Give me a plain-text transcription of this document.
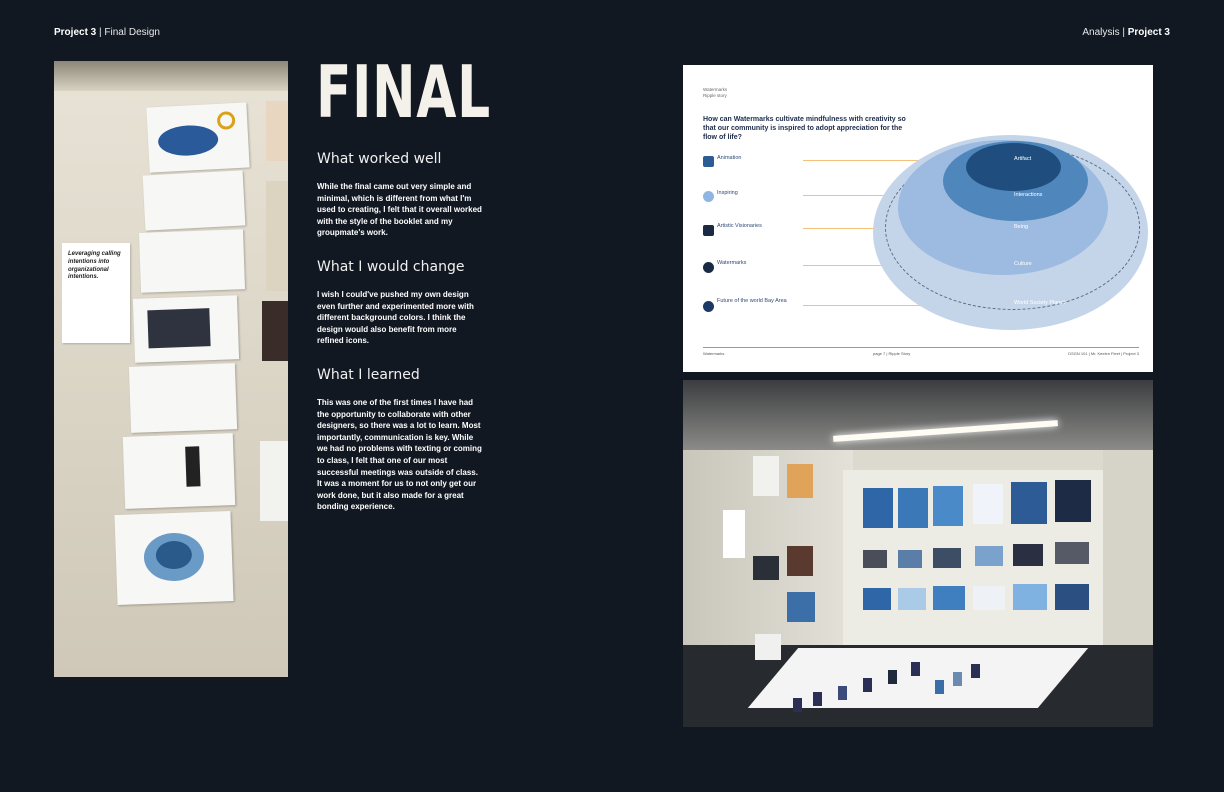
Project 3 | Final Design	Analysis | Project 3

Leveraging calling intentions into organizational intentions.

FINAL
What worked well
While the final came out very simple and minimal, which is different from what I'm used to creating, I felt that it overall worked with the style of the booklet and my groupmate's work.
What I would change
I wish I could've pushed my own design even further and experimented more with different background colors. I think the design would also benefit from more refined icons.
What I learned
This was one of the first times I have had the opportunity to collaborate with other designers, so there was a lot to learn. Most importantly, communication is key. While we had no problems with texting or coming to class, I felt that one of our most successful meetings was outside of class. It was a moment for us to not only get our work done, but it also made for a great bonding experience.
Watermarks
Ripple story
How can Watermarks cultivate mindfulness with creativity so that our community is inspired to adopt appreciation for the flow of life?
Animation
Inspiring
Artistic Visionaries
Watermarks
Future of the world Bay Area
Artifact
Interactions
Being
Culture
World Society Planet
Watermarks	page 7 | Ripple Story	DSGN 101 | Mr. Keelen Fleet | Project 3
